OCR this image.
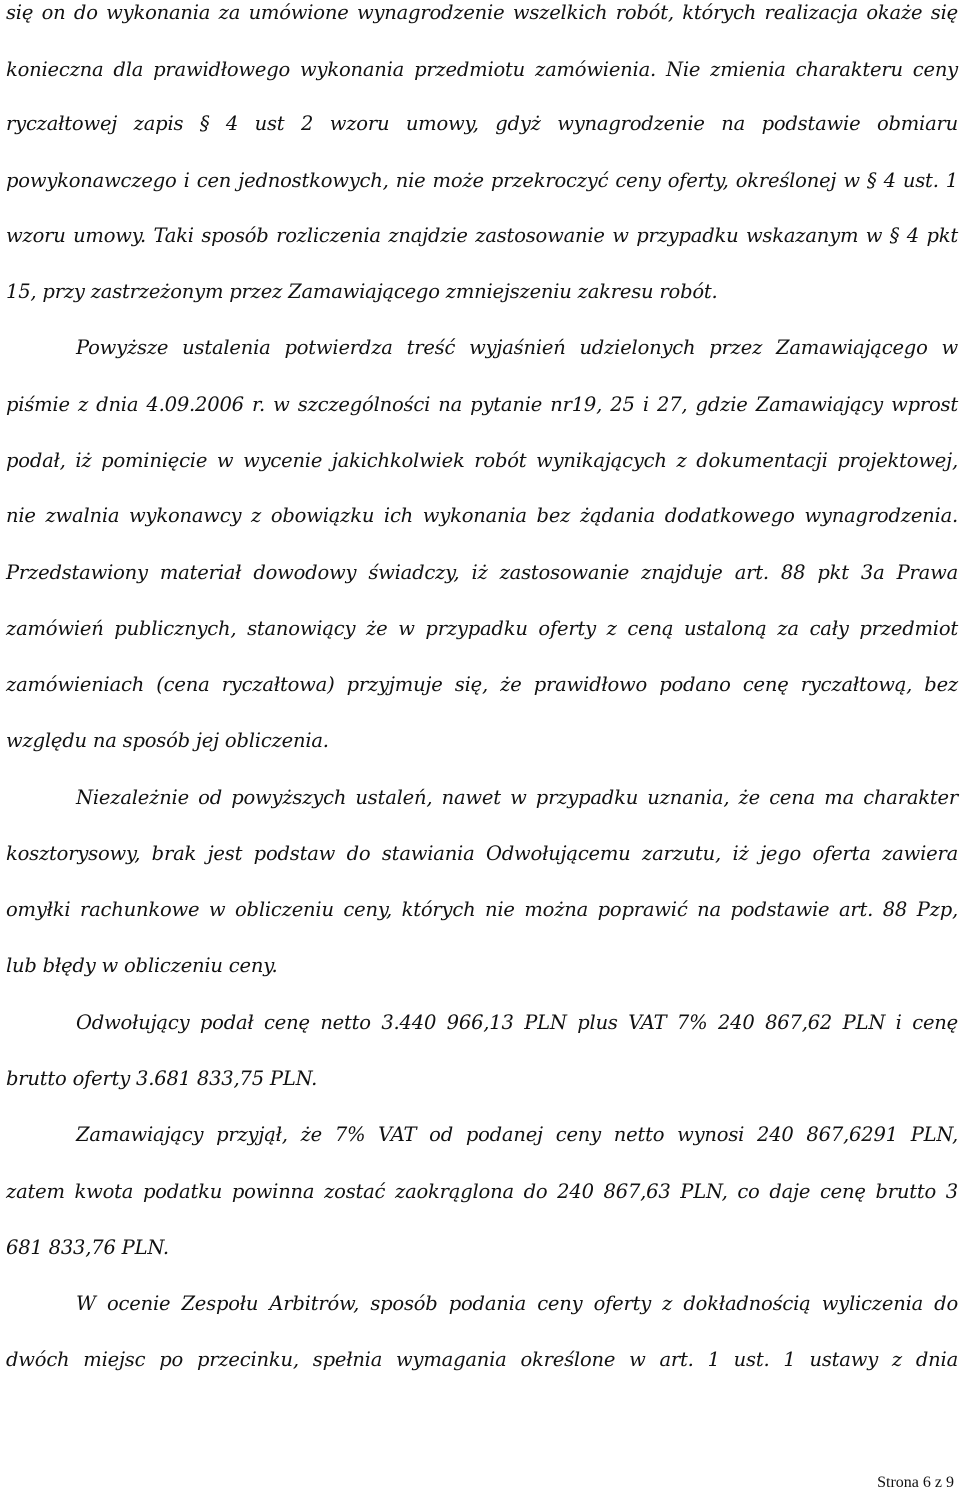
się on do wykonania za umówione wynagrodzenie wszelkich robót, których realizacja okaże się
konieczna dla prawidłowego wykonania przedmiotu zamówienia. Nie zmienia charakteru ceny
ryczałtowej zapis § 4 ust 2 wzoru umowy, gdyż wynagrodzenie na podstawie obmiaru
powykonawczego i cen jednostkowych, nie może przekroczyć ceny oferty, określonej w § 4 ust. 1
wzoru umowy. Taki sposób rozliczenia znajdzie zastosowanie w przypadku wskazanym w § 4 pkt
15, przy zastrzeżonym przez Zamawiającego zmniejszeniu zakresu robót.
Powyższe ustalenia potwierdza treść wyjaśnień udzielonych przez Zamawiającego w
piśmie z dnia 4.09.2006 r. w szczególności na pytanie nr19, 25 i 27, gdzie Zamawiający wprost
podał, iż pominięcie w wycenie jakichkolwiek robót wynikających z dokumentacji projektowej,
nie zwalnia wykonawcy z obowiązku ich wykonania bez żądania dodatkowego wynagrodzenia.
Przedstawiony materiał dowodowy świadczy, iż zastosowanie znajduje art. 88 pkt 3a Prawa
zamówień publicznych, stanowiący że w przypadku oferty z ceną ustaloną za cały przedmiot
zamówieniach (cena ryczałtowa) przyjmuje się, że prawidłowo podano cenę ryczałtową, bez
względu na sposób jej obliczenia.
Niezależnie od powyższych ustaleń, nawet w przypadku uznania, że cena ma charakter
kosztorysowy, brak jest podstaw do stawiania Odwołującemu zarzutu, iż jego oferta zawiera
omyłki rachunkowe w obliczeniu ceny, których nie można poprawić na podstawie art. 88 Pzp,
lub błędy w obliczeniu ceny.
Odwołujący podał cenę netto 3.440 966,13 PLN plus VAT 7% 240 867,62 PLN i cenę
brutto oferty 3.681 833,75 PLN.
Zamawiający przyjął, że 7% VAT od podanej ceny netto wynosi 240 867,6291 PLN,
zatem kwota podatku powinna zostać zaokrąglona do 240 867,63 PLN, co daje cenę brutto 3
681 833,76 PLN.
W ocenie Zespołu Arbitrów, sposób podania ceny oferty z dokładnością wyliczenia do
dwóch miejsc po przecinku, spełnia wymagania określone w art. 1 ust. 1 ustawy z dnia
Strona 6 z 9
